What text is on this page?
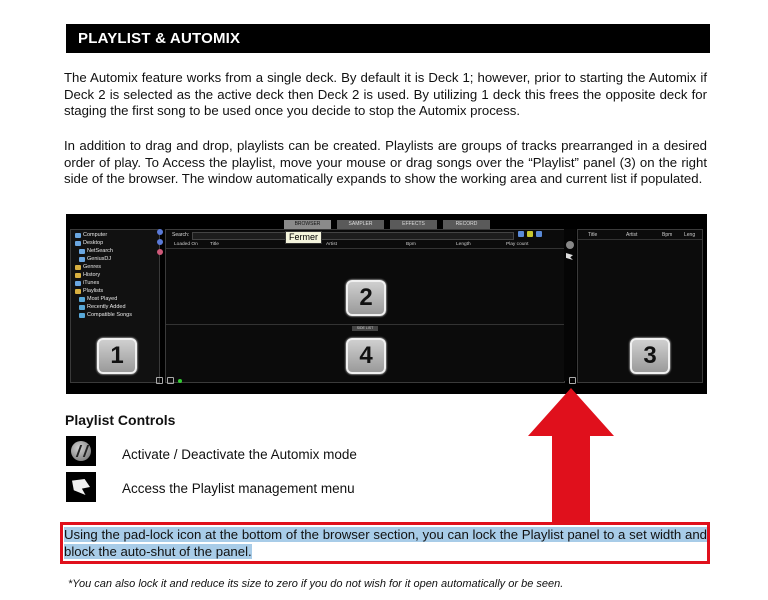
PLAYLIST & AUTOMIX

The Automix feature works from a single deck. By default it is Deck 1; however, prior to starting the Automix if Deck 2 is selected as the active deck then Deck 2 is used. By utilizing 1 deck this frees the opposite deck for staging the first song to be used once you decide to stop the Automix process.

In addition to drag and drop, playlists can be created. Playlists are groups of tracks prearranged in a desired order of play. To Access the playlist, move your mouse or drag songs over the “Playlist” panel (3) on the right side of the browser. The window automatically expands to show the working area and current list if populated.

BROWSER	SAMPLER	EFFECTS	RECORD
Computer
Desktop
NetSearch
GeniusDJ
Genres
History
iTunes
Playlists
Most Played
Recently Added
Compatible Songs
1
Search:
Loaded On	Title	Artist	Bpm	Length	Play count
2
SIDE LIST
4
Title	Artist	Bpm Leng
3
Fermer
Playlist Controls
Activate / Deactivate the Automix mode
Access the Playlist management menu
Using the pad-lock icon at the bottom of the browser section, you can lock the Playlist panel to a set width and block the auto-shut of the panel.
*You can also lock it and reduce its size to zero if you do not wish for it open automatically or be seen.
